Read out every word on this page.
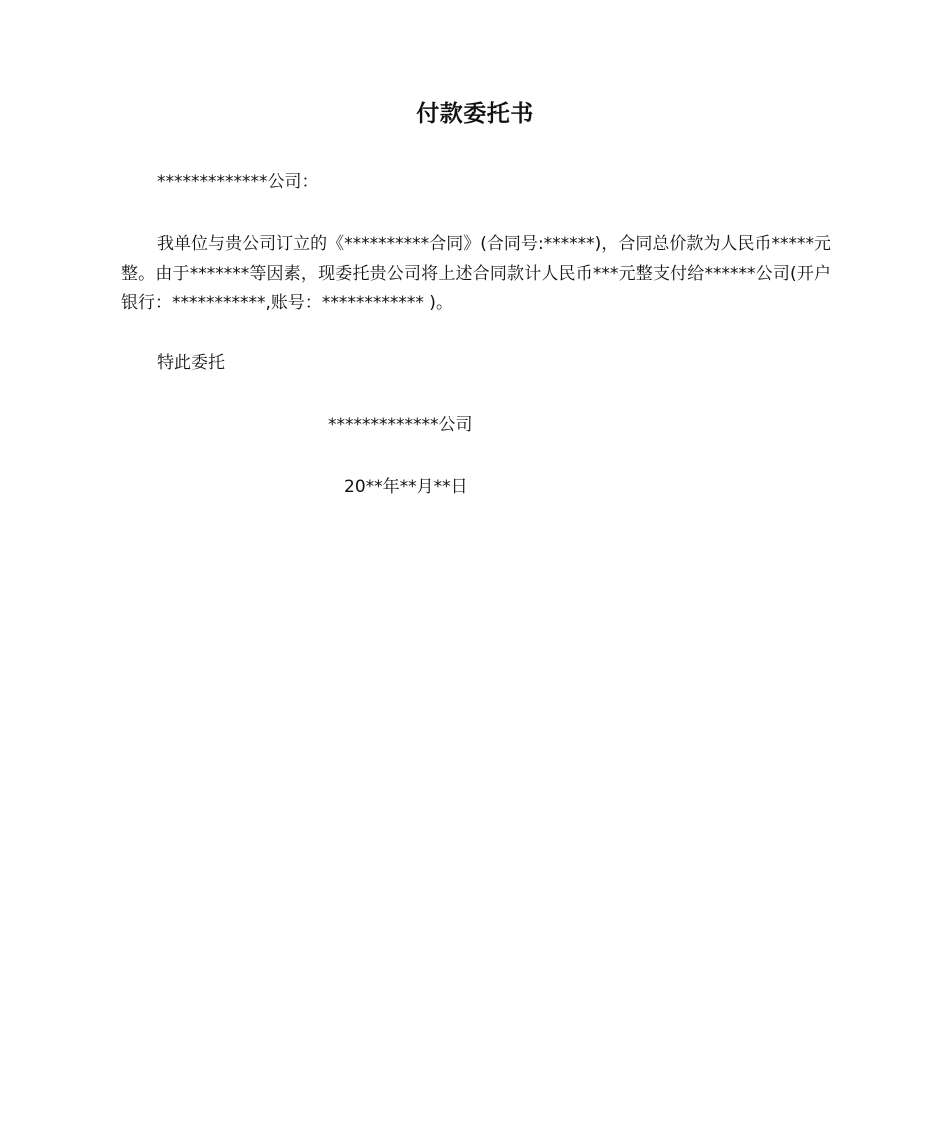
付款委托书
*************公司：
我单位与贵公司订立的《**********合同》(合同号:******)，合同总价款为人民币*****元整。由于*******等因素，现委托贵公司将上述合同款计人民币***元整支付给******公司(开户银行：***********,账号：************ )。
特此委托
*************公司
20**年**月**日
